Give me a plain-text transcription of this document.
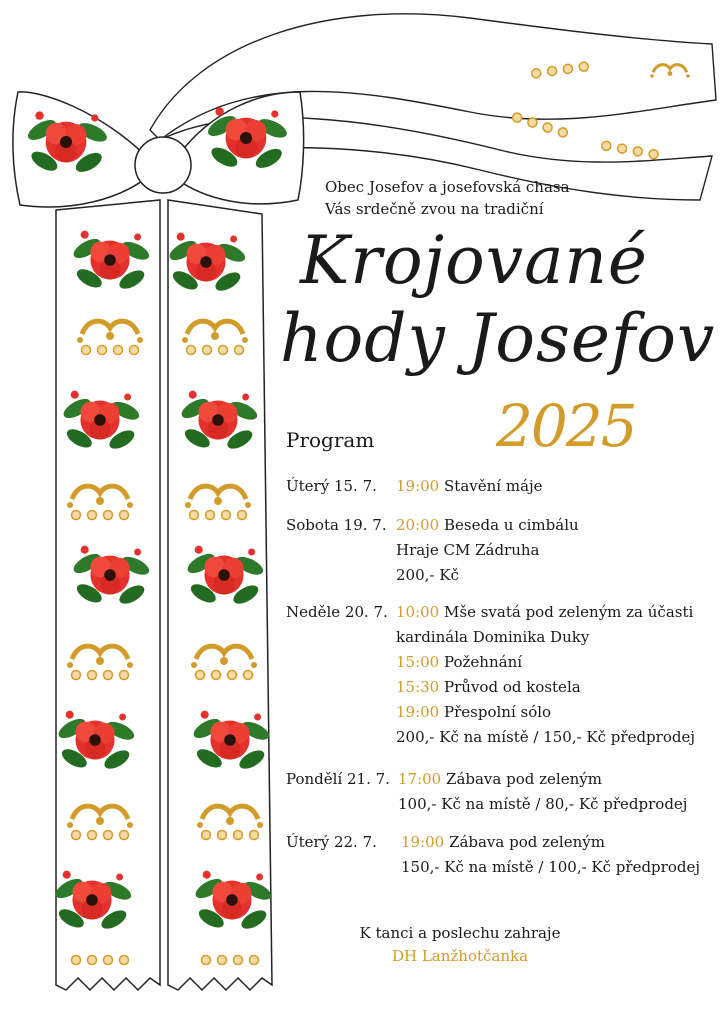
Obec Josefov a josefovská chasa
Vás srdečně zvou na tradiční
Krojované
hody Josefov
2025
Program
Úterý 15. 7. 19:00 Stavění máje
Sobota 19. 7. 20:00 Beseda u cimbálu
Hraje CM Zádruha
200,- Kč
Neděle 20. 7. 10:00 Mše svatá pod zeleným za účasti
kardinála Dominika Duky
15:00 Požehnání
15:30 Průvod od kostela
19:00 Přespolní sólo
200,- Kč na místě / 150,- Kč předprodej
Pondělí 21. 7. 17:00 Zábava pod zeleným
100,- Kč na místě / 80,- Kč předprodej
Úterý 22. 7. 19:00 Zábava pod zeleným
150,- Kč na místě / 100,- Kč předprodej
K tanci a poslechu zahraje
DH Lanžhotčanka
